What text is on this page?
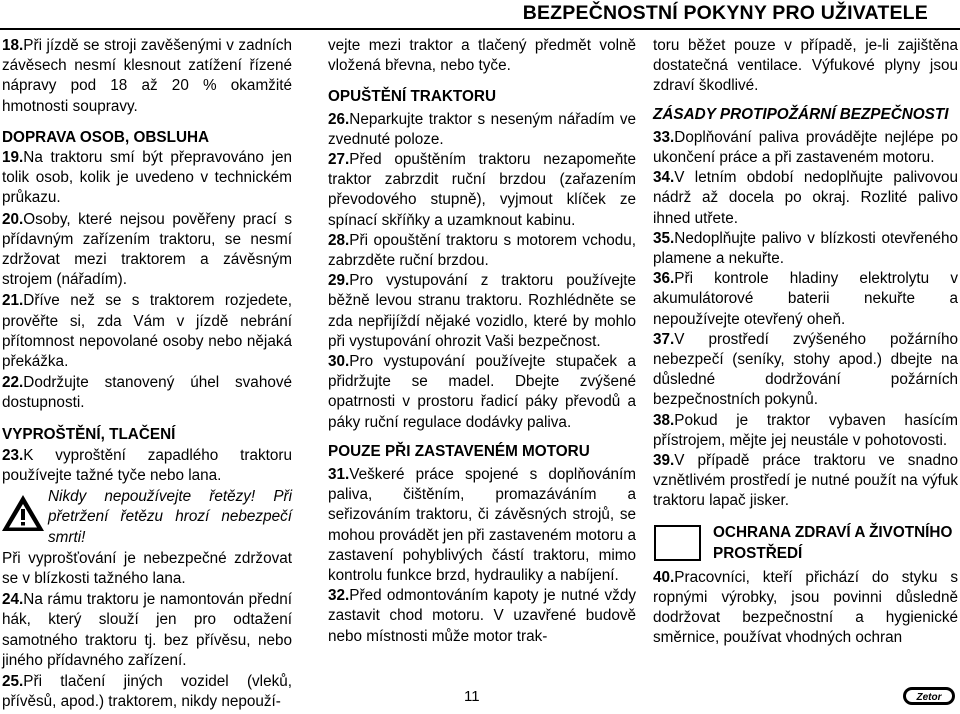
BEZPEČNOSTNÍ POKYNY PRO UŽIVATELE

18.Při jízdě se stroji zavěšenými v zadních závěsech nesmí klesnout zatížení řízené nápravy pod 18 až 20 % okamžité hmotnosti soupravy.

DOPRAVA OSOB, OBSLUHA

19.Na traktoru smí být přepravováno jen tolik osob, kolik je uvedeno v technickém průkazu.

20.Osoby, které nejsou pověřeny prací s přídavným zařízením traktoru, se nesmí zdržovat mezi traktorem a závěsným strojem (nářadím).

21.Dříve než se s traktorem rozjedete, prověřte si, zda Vám v jízdě nebrání přítomnost nepovolané osoby nebo nějaká překážka.

22.Dodržujte stanovený úhel svahové dostupnosti.

VYPROŠTĚNÍ, TLAČENÍ

23.K vyproštění zapadlého traktoru používejte tažné tyče nebo lana.

Nikdy nepoužívejte řetězy! Při přetržení řetězu hrozí nebezpečí smrti!

Při vyprošťování je nebezpečné zdržovat se v blízkosti tažného lana.

24.Na rámu traktoru je namontován přední hák, který slouží jen pro odtažení samotného traktoru tj. bez přívěsu, nebo jiného přídavného zařízení.

25.Při tlačení jiných vozidel (vleků, přívěsů, apod.) traktorem, nikdy nepouží-

vejte mezi traktor a tlačený předmět volně vložená břevna, nebo tyče.

OPUŠTĚNÍ TRAKTORU

26.Neparkujte traktor s neseným nářadím ve zvednuté poloze.

27.Před opuštěním traktoru nezapomeňte traktor zabrzdit ruční brzdou (zařazením převodového stupně), vyjmout klíček ze spínací skříňky a uzamknout kabinu.

28.Při opouštění traktoru s motorem vchodu, zabrzděte ruční brzdou.

29.Pro vystupování z traktoru používejte běžně levou stranu traktoru. Rozhlédněte se zda nepřijíždí nějaké vozidlo, které by mohlo při vystupování ohrozit Vaši bezpečnost.

30.Pro vystupování používejte stupaček a přidržujte se madel. Dbejte zvýšené opatrnosti v prostoru řadicí páky převodů a páky ruční regulace dodávky paliva.

POUZE PŘI ZASTAVENÉM MOTORU

31.Veškeré práce spojené s doplňováním paliva, čištěním, promazáváním a seřizováním traktoru, či závěsných strojů, se mohou provádět jen při zastaveném motoru a zastavení pohyblivých částí traktoru, mimo kontrolu funkce brzd, hydrauliky a nabíjení.

32.Před odmontováním kapoty je nutné vždy zastavit chod motoru. V uzavřené budově nebo místnosti může motor trak-

toru běžet pouze v případě, je-li zajištěna dostatečná ventilace. Výfukové plyny jsou zdraví škodlivé.

ZÁSADY PROTIPOŽÁRNÍ BEZPEČNOSTI

33.Doplňování paliva provádějte nejlépe po ukončení práce a při zastaveném motoru.

34.V letním období nedoplňujte palivovou nádrž až docela po okraj. Rozlité palivo ihned utřete.

35.Nedoplňujte palivo v blízkosti otevřeného plamene a nekuřte.

36.Při kontrole hladiny elektrolytu v akumulátorové baterii nekuřte a nepoužívejte otevřený oheň.

37.V prostředí zvýšeného požárního nebezpečí (seníky, stohy apod.) dbejte na důsledné dodržování požárních bezpečnostních pokynů.

38.Pokud je traktor vybaven hasícím přístrojem, mějte jej neustále v pohotovosti.

39.V případě práce traktoru ve snadno vznětlivém prostředí je nutné použít na výfuk traktoru lapač jisker.

OCHRANA ZDRAVÍ A ŽIVOTNÍHO PROSTŘEDÍ

40.Pracovníci, kteří přichází do styku s ropnými výrobky, jsou povinni důsledně dodržovat bezpečnostní a hygienické směrnice, používat vhodných ochran

11	Zetor
